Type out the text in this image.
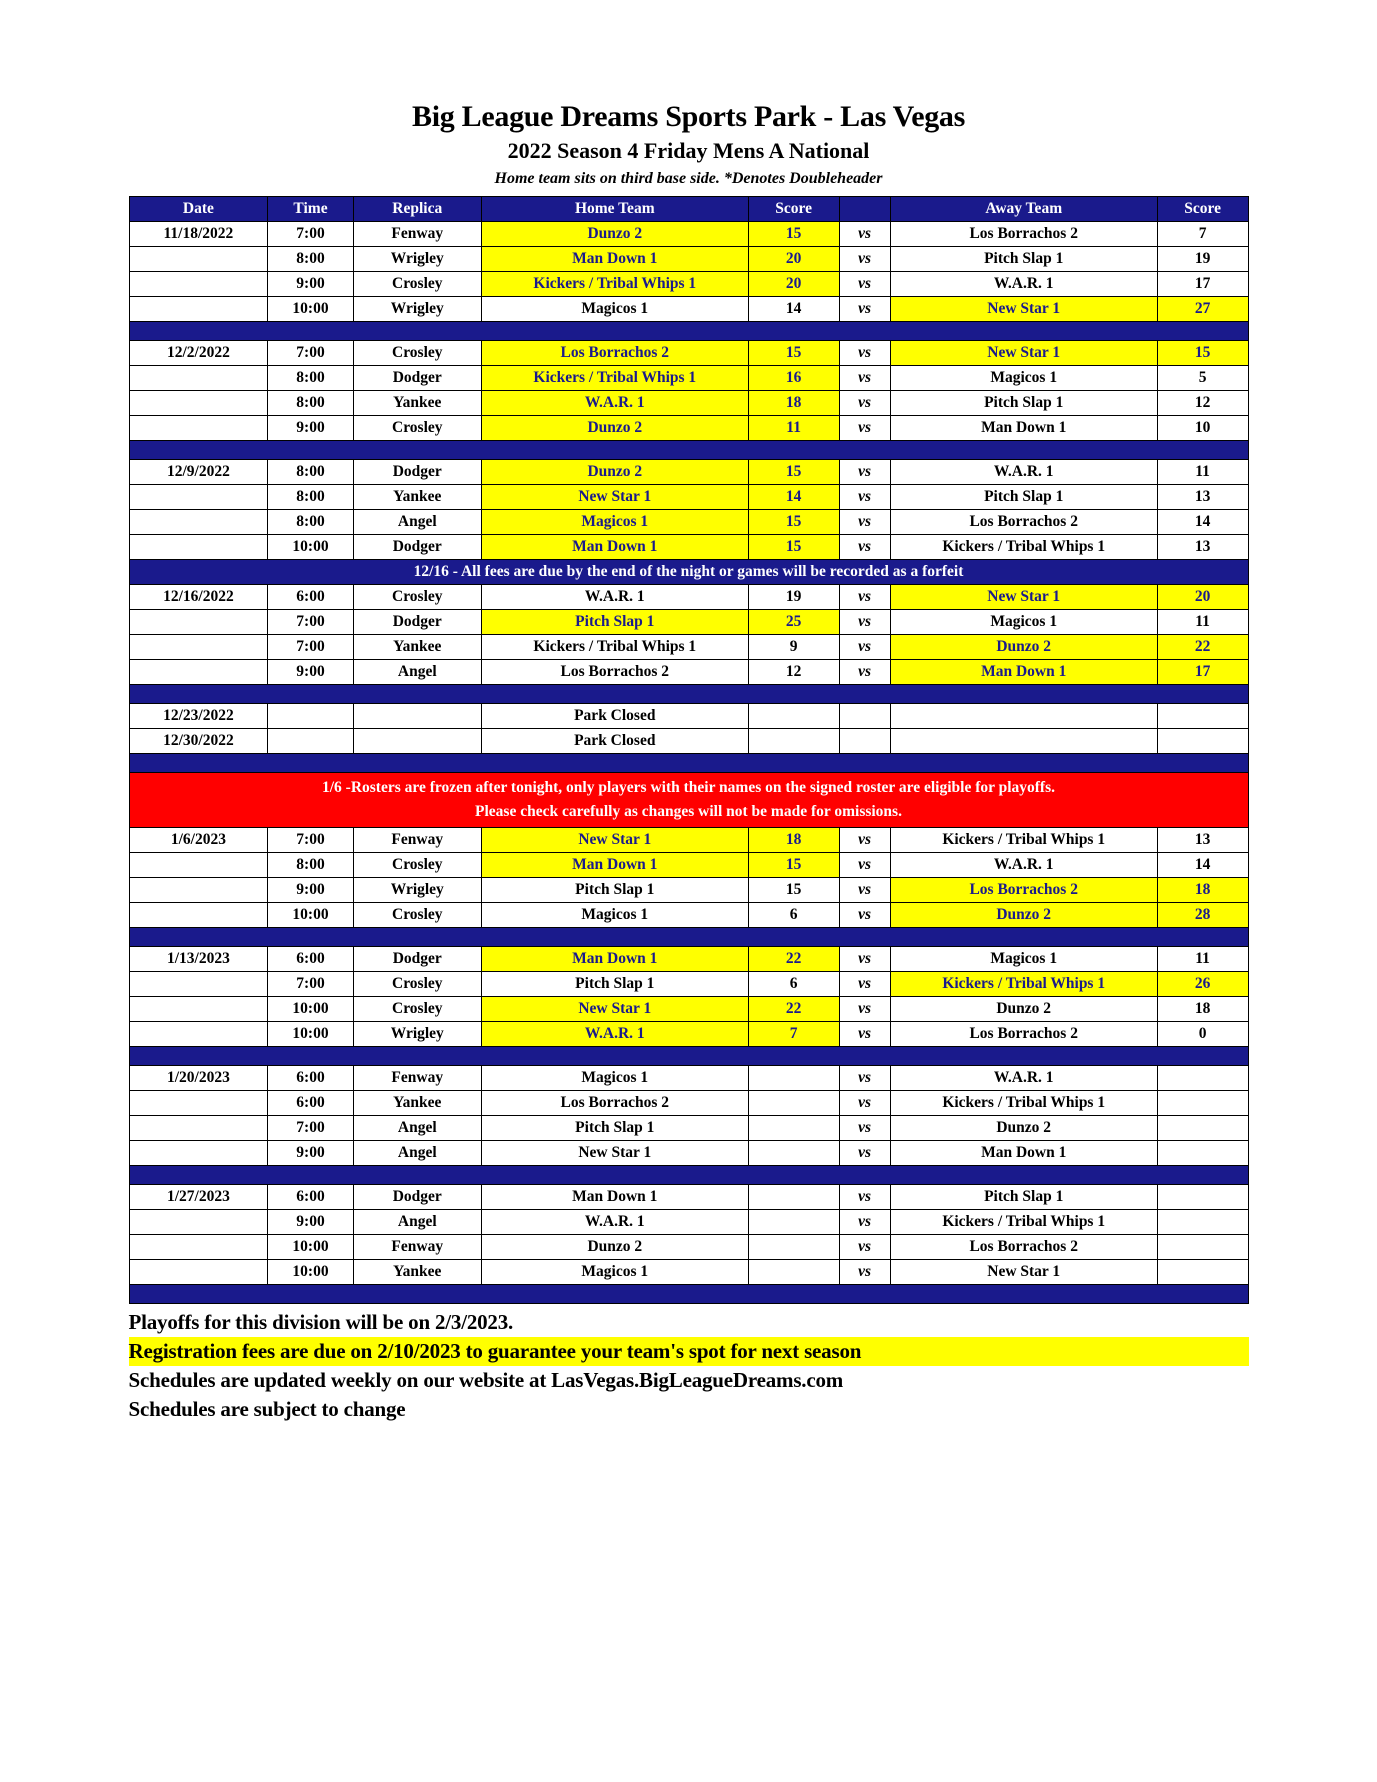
Big League Dreams Sports Park - Las Vegas
2022 Season 4 Friday Mens A National
Home team sits on third base side. *Denotes Doubleheader
Date	Time	Replica	Home Team	Score		Away Team	Score
11/18/2022	7:00	Fenway	Dunzo 2	15	vs	Los Borrachos 2	7
	8:00	Wrigley	Man Down 1	20	vs	Pitch Slap 1	19
	9:00	Crosley	Kickers / Tribal Whips 1	20	vs	W.A.R. 1	17
	10:00	Wrigley	Magicos 1	14	vs	New Star 1	27

12/2/2022	7:00	Crosley	Los Borrachos 2	15	vs	New Star 1	15
	8:00	Dodger	Kickers / Tribal Whips 1	16	vs	Magicos 1	5
	8:00	Yankee	W.A.R. 1	18	vs	Pitch Slap 1	12
	9:00	Crosley	Dunzo 2	11	vs	Man Down 1	10

12/9/2022	8:00	Dodger	Dunzo 2	15	vs	W.A.R. 1	11
	8:00	Yankee	New Star 1	14	vs	Pitch Slap 1	13
	8:00	Angel	Magicos 1	15	vs	Los Borrachos 2	14
	10:00	Dodger	Man Down 1	15	vs	Kickers / Tribal Whips 1	13
12/16 - All fees are due by the end of the night or games will be recorded as a forfeit							
12/16/2022	6:00	Crosley	W.A.R. 1	19	vs	New Star 1	20
	7:00	Dodger	Pitch Slap 1	25	vs	Magicos 1	11
	7:00	Yankee	Kickers / Tribal Whips 1	9	vs	Dunzo 2	22
	9:00	Angel	Los Borrachos 2	12	vs	Man Down 1	17

12/23/2022			Park Closed				
12/30/2022			Park Closed				

1/6 -Rosters are frozen after tonight, only players with their names on the signed roster are eligible for playoffs.
Please check carefully as changes will not be made for omissions.							
1/6/2023	7:00	Fenway	New Star 1	18	vs	Kickers / Tribal Whips 1	13
	8:00	Crosley	Man Down 1	15	vs	W.A.R. 1	14
	9:00	Wrigley	Pitch Slap 1	15	vs	Los Borrachos 2	18
	10:00	Crosley	Magicos 1	6	vs	Dunzo 2	28

1/13/2023	6:00	Dodger	Man Down 1	22	vs	Magicos 1	11
	7:00	Crosley	Pitch Slap 1	6	vs	Kickers / Tribal Whips 1	26
	10:00	Crosley	New Star 1	22	vs	Dunzo 2	18
	10:00	Wrigley	W.A.R. 1	7	vs	Los Borrachos 2	0

1/20/2023	6:00	Fenway	Magicos 1		vs	W.A.R. 1	
	6:00	Yankee	Los Borrachos 2		vs	Kickers / Tribal Whips 1	
	7:00	Angel	Pitch Slap 1		vs	Dunzo 2	
	9:00	Angel	New Star 1		vs	Man Down 1	

1/27/2023	6:00	Dodger	Man Down 1		vs	Pitch Slap 1	
	9:00	Angel	W.A.R. 1		vs	Kickers / Tribal Whips 1	
	10:00	Fenway	Dunzo 2		vs	Los Borrachos 2	
	10:00	Yankee	Magicos 1		vs	New Star 1	

Playoffs for this division will be on 2/3/2023.
Registration fees are due on 2/10/2023 to guarantee your team's spot for next season
Schedules are updated weekly on our website at LasVegas.BigLeagueDreams.com
Schedules are subject to change
